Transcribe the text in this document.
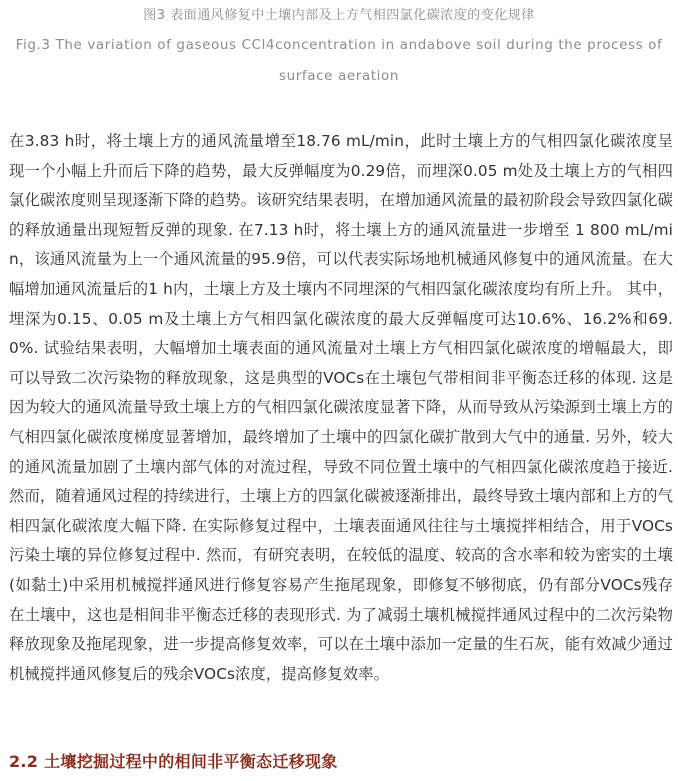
图3 表面通风修复中土壤内部及上方气相四氯化碳浓度的变化规律
Fig.3 The variation of gaseous CCl4concentration in andabove soil during the process of surface aeration
在3.83 h时，将土壤上方的通风流量增至18.76 mL/min，此时土壤上方的气相四氯化碳浓度呈现一个小幅上升而后下降的趋势，最大反弹幅度为0.29倍，而埋深0.05 m处及土壤上方的气相四氯化碳浓度则呈现逐渐下降的趋势。该研究结果表明，在增加通风流量的最初阶段会导致四氯化碳的释放通量出现短暂反弹的现象. 在7.13 h时，将土壤上方的通风流量进一步增至 1 800 mL/min，该通风流量为上一个通风流量的95.9倍，可以代表实际场地机械通风修复中的通风流量。在大幅增加通风流量后的1 h内，土壤上方及土壤内不同埋深的气相四氯化碳浓度均有所上升。 其中，埋深为0.15、0.05 m及土壤上方气相四氯化碳浓度的最大反弹幅度可达10.6%、16.2%和69.0%. 试验结果表明，大幅增加土壤表面的通风流量对土壤上方气相四氯化碳浓度的增幅最大，即可以导致二次污染物的释放现象，这是典型的VOCs在土壤包气带相间非平衡态迁移的体现. 这是因为较大的通风流量导致土壤上方的气相四氯化碳浓度显著下降，从而导致从污染源到土壤上方的气相四氯化碳浓度梯度显著增加，最终增加了土壤中的四氯化碳扩散到大气中的通量. 另外，较大的通风流量加剧了土壤内部气体的对流过程，导致不同位置土壤中的气相四氯化碳浓度趋于接近. 然而，随着通风过程的持续进行，土壤上方的四氯化碳被逐渐排出，最终导致土壤内部和上方的气相四氯化碳浓度大幅下降. 在实际修复过程中，土壤表面通风往往与土壤搅拌相结合，用于VOCs污染土壤的异位修复过程中. 然而，有研究表明，在较低的温度、较高的含水率和较为密实的土壤(如黏土)中采用机械搅拌通风进行修复容易产生拖尾现象，即修复不够彻底，仍有部分VOCs残存在土壤中，这也是相间非平衡态迁移的表现形式. 为了减弱土壤机械搅拌通风过程中的二次污染物释放现象及拖尾现象，进一步提高修复效率，可以在土壤中添加一定量的生石灰，能有效减少通过机械搅拌通风修复后的残余VOCs浓度，提高修复效率。
2.2 土壤挖掘过程中的相间非平衡态迁移现象
